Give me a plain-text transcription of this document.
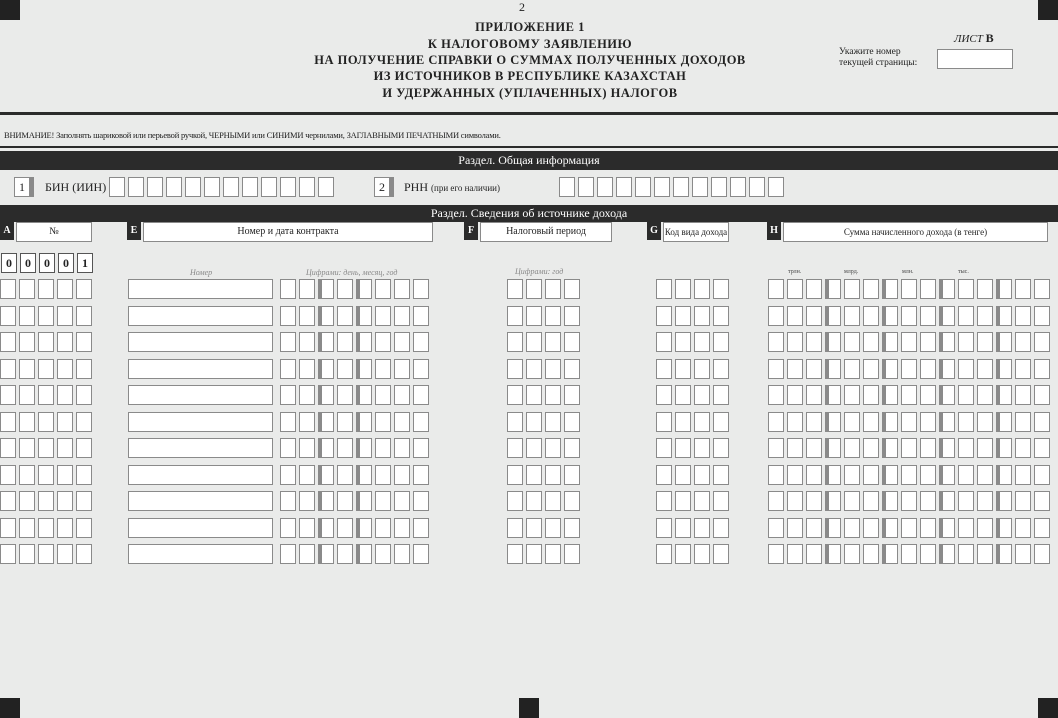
2
ПРИЛОЖЕНИЕ 1
К НАЛОГОВОМУ ЗАЯВЛЕНИЮ
НА ПОЛУЧЕНИЕ СПРАВКИ О СУММАХ ПОЛУЧЕННЫХ ДОХОДОВ
ИЗ ИСТОЧНИКОВ В РЕСПУБЛИКЕ КАЗАХСТАН
И УДЕРЖАННЫХ (УПЛАЧЕННЫХ) НАЛОГОВ
ЛИСТ В
Укажите номер
текущей страницы:
ВНИМАНИЕ! Заполнять шариковой или перьевой ручкой, ЧЕРНЫМИ или СИНИМИ чернилами, ЗАГЛАВНЫМИ ПЕЧАТНЫМИ символами.
Раздел. Общая информация
1	БИН (ИИН)	2	РНН (при его наличии)
Раздел. Сведения об источнике дохода
A	№	E	Номер и дата контракта	F	Налоговый период	G Код вида дохода	H	Сумма начисленного дохода (в тенге)
0	0	0	0	1
Номер	Цифрами: день, месяц, год	Цифрами: год	трлн.	млрд.	млн.	тыс.
